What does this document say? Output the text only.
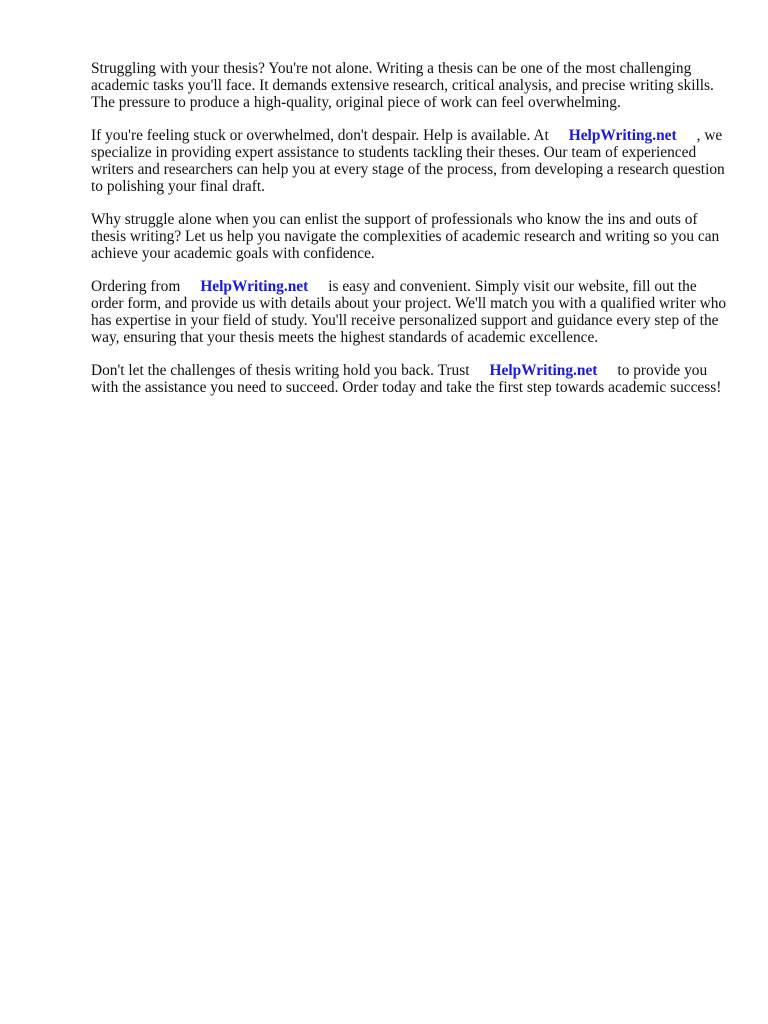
Struggling with your thesis? You're not alone. Writing a thesis can be one of the most challenging academic tasks you'll face. It demands extensive research, critical analysis, and precise writing skills. The pressure to produce a high-quality, original piece of work can feel overwhelming.

If you're feeling stuck or overwhelmed, don't despair. Help is available. At HelpWriting.net , we specialize in providing expert assistance to students tackling their theses. Our team of experienced writers and researchers can help you at every stage of the process, from developing a research question to polishing your final draft.

Why struggle alone when you can enlist the support of professionals who know the ins and outs of thesis writing? Let us help you navigate the complexities of academic research and writing so you can achieve your academic goals with confidence.

Ordering from HelpWriting.net is easy and convenient. Simply visit our website, fill out the order form, and provide us with details about your project. We'll match you with a qualified writer who has expertise in your field of study. You'll receive personalized support and guidance every step of the way, ensuring that your thesis meets the highest standards of academic excellence.

Don't let the challenges of thesis writing hold you back. Trust HelpWriting.net to provide you with the assistance you need to succeed. Order today and take the first step towards academic success!
